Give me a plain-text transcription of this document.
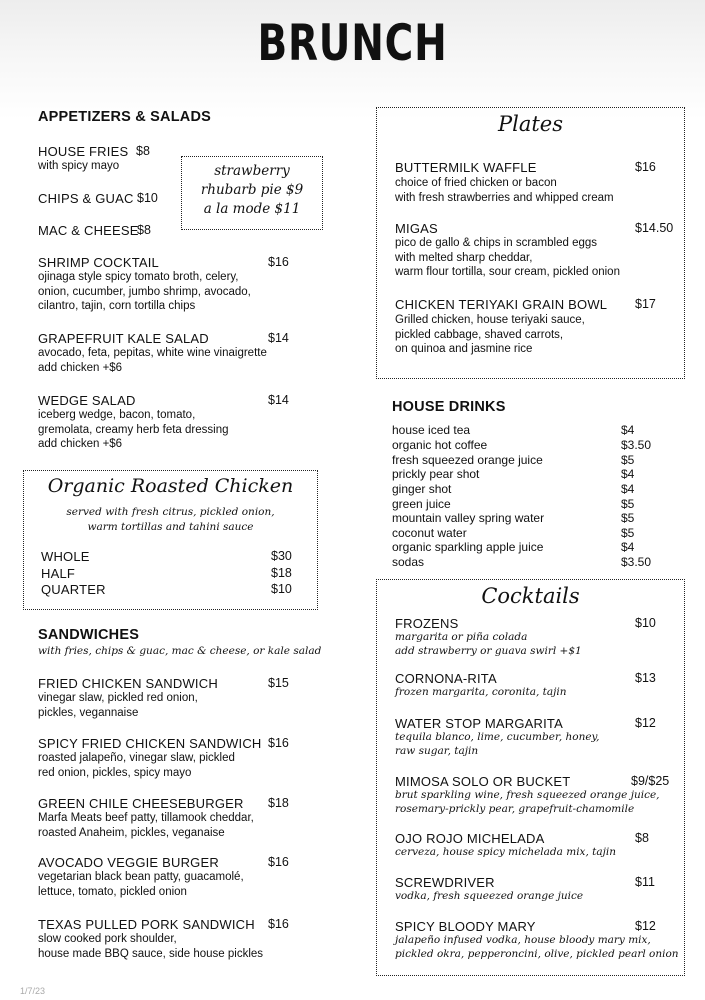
BRUNCH
APPETIZERS & SALADS
HOUSE FRIES $8
with spicy mayo
CHIPS & GUAC $10
MAC & CHEESE
$8
strawberry
rhubarb pie $9
a la mode $11
SHRIMP COCKTAIL	$16
ojinaga style spicy tomato broth, celery,
onion, cucumber, jumbo shrimp, avocado,
cilantro, tajin, corn tortilla chips
GRAPEFRUIT KALE SALAD	$14
avocado, feta, pepitas, white wine vinaigrette
add chicken +$6
WEDGE SALAD	$14
iceberg wedge, bacon, tomato,
gremolata, creamy herb feta dressing
add chicken +$6
Organic Roasted Chicken
served with fresh citrus, pickled onion,
warm tortillas and tahini sauce
WHOLE	$30
HALF	$18
QUARTER	$10
SANDWICHES
with fries, chips & guac, mac & cheese, or kale salad
FRIED CHICKEN SANDWICH	$15
vinegar slaw, pickled red onion,
pickles, vegannaise
SPICY FRIED CHICKEN SANDWICH $16
roasted jalapeño, vinegar slaw, pickled
red onion, pickles, spicy mayo
GREEN CHILE CHEESEBURGER $18
Marfa Meats beef patty, tillamook cheddar,
roasted Anaheim, pickles, veganaise
AVOCADO VEGGIE BURGER	$16
vegetarian black bean patty, guacamolé,
lettuce, tomato, pickled onion
TEXAS PULLED PORK SANDWICH $16
slow cooked pork shoulder,
house made BBQ sauce, side house pickles
1/7/23
Plates
BUTTERMILK WAFFLE	$16
choice of fried chicken or bacon
with fresh strawberries and whipped cream
MIGAS	$14.50
pico de gallo & chips in scrambled eggs
with melted sharp cheddar,
warm flour tortilla, sour cream, pickled onion
CHICKEN TERIYAKI GRAIN BOWL $17
Grilled chicken, house teriyaki sauce,
pickled cabbage, shaved carrots,
on quinoa and jasmine rice
HOUSE DRINKS
house iced tea	$4
organic hot coffee	$3.50
fresh squeezed orange juice	$5
prickly pear shot	$4
ginger shot	$4
green juice	$5
mountain valley spring water	$5
coconut water	$5
organic sparkling apple juice	$4
sodas	$3.50
Cocktails
FROZENS	$10
margarita or piña colada
add strawberry or guava swirl +$1
CORNONA-RITA	$13
frozen margarita, coronita, tajin
WATER STOP MARGARITA	$12
tequila blanco, lime, cucumber, honey,
raw sugar, tajin
MIMOSA SOLO OR BUCKET	$9/$25
brut sparkling wine, fresh squeezed orange juice,
rosemary-prickly pear, grapefruit-chamomile
OJO ROJO MICHELADA	$8
cerveza, house spicy michelada mix, tajin
SCREWDRIVER	$11
vodka, fresh squeezed orange juice
SPICY BLOODY MARY	$12
jalapeño infused vodka, house bloody mary mix,
pickled okra, pepperoncini, olive, pickled pearl onion
